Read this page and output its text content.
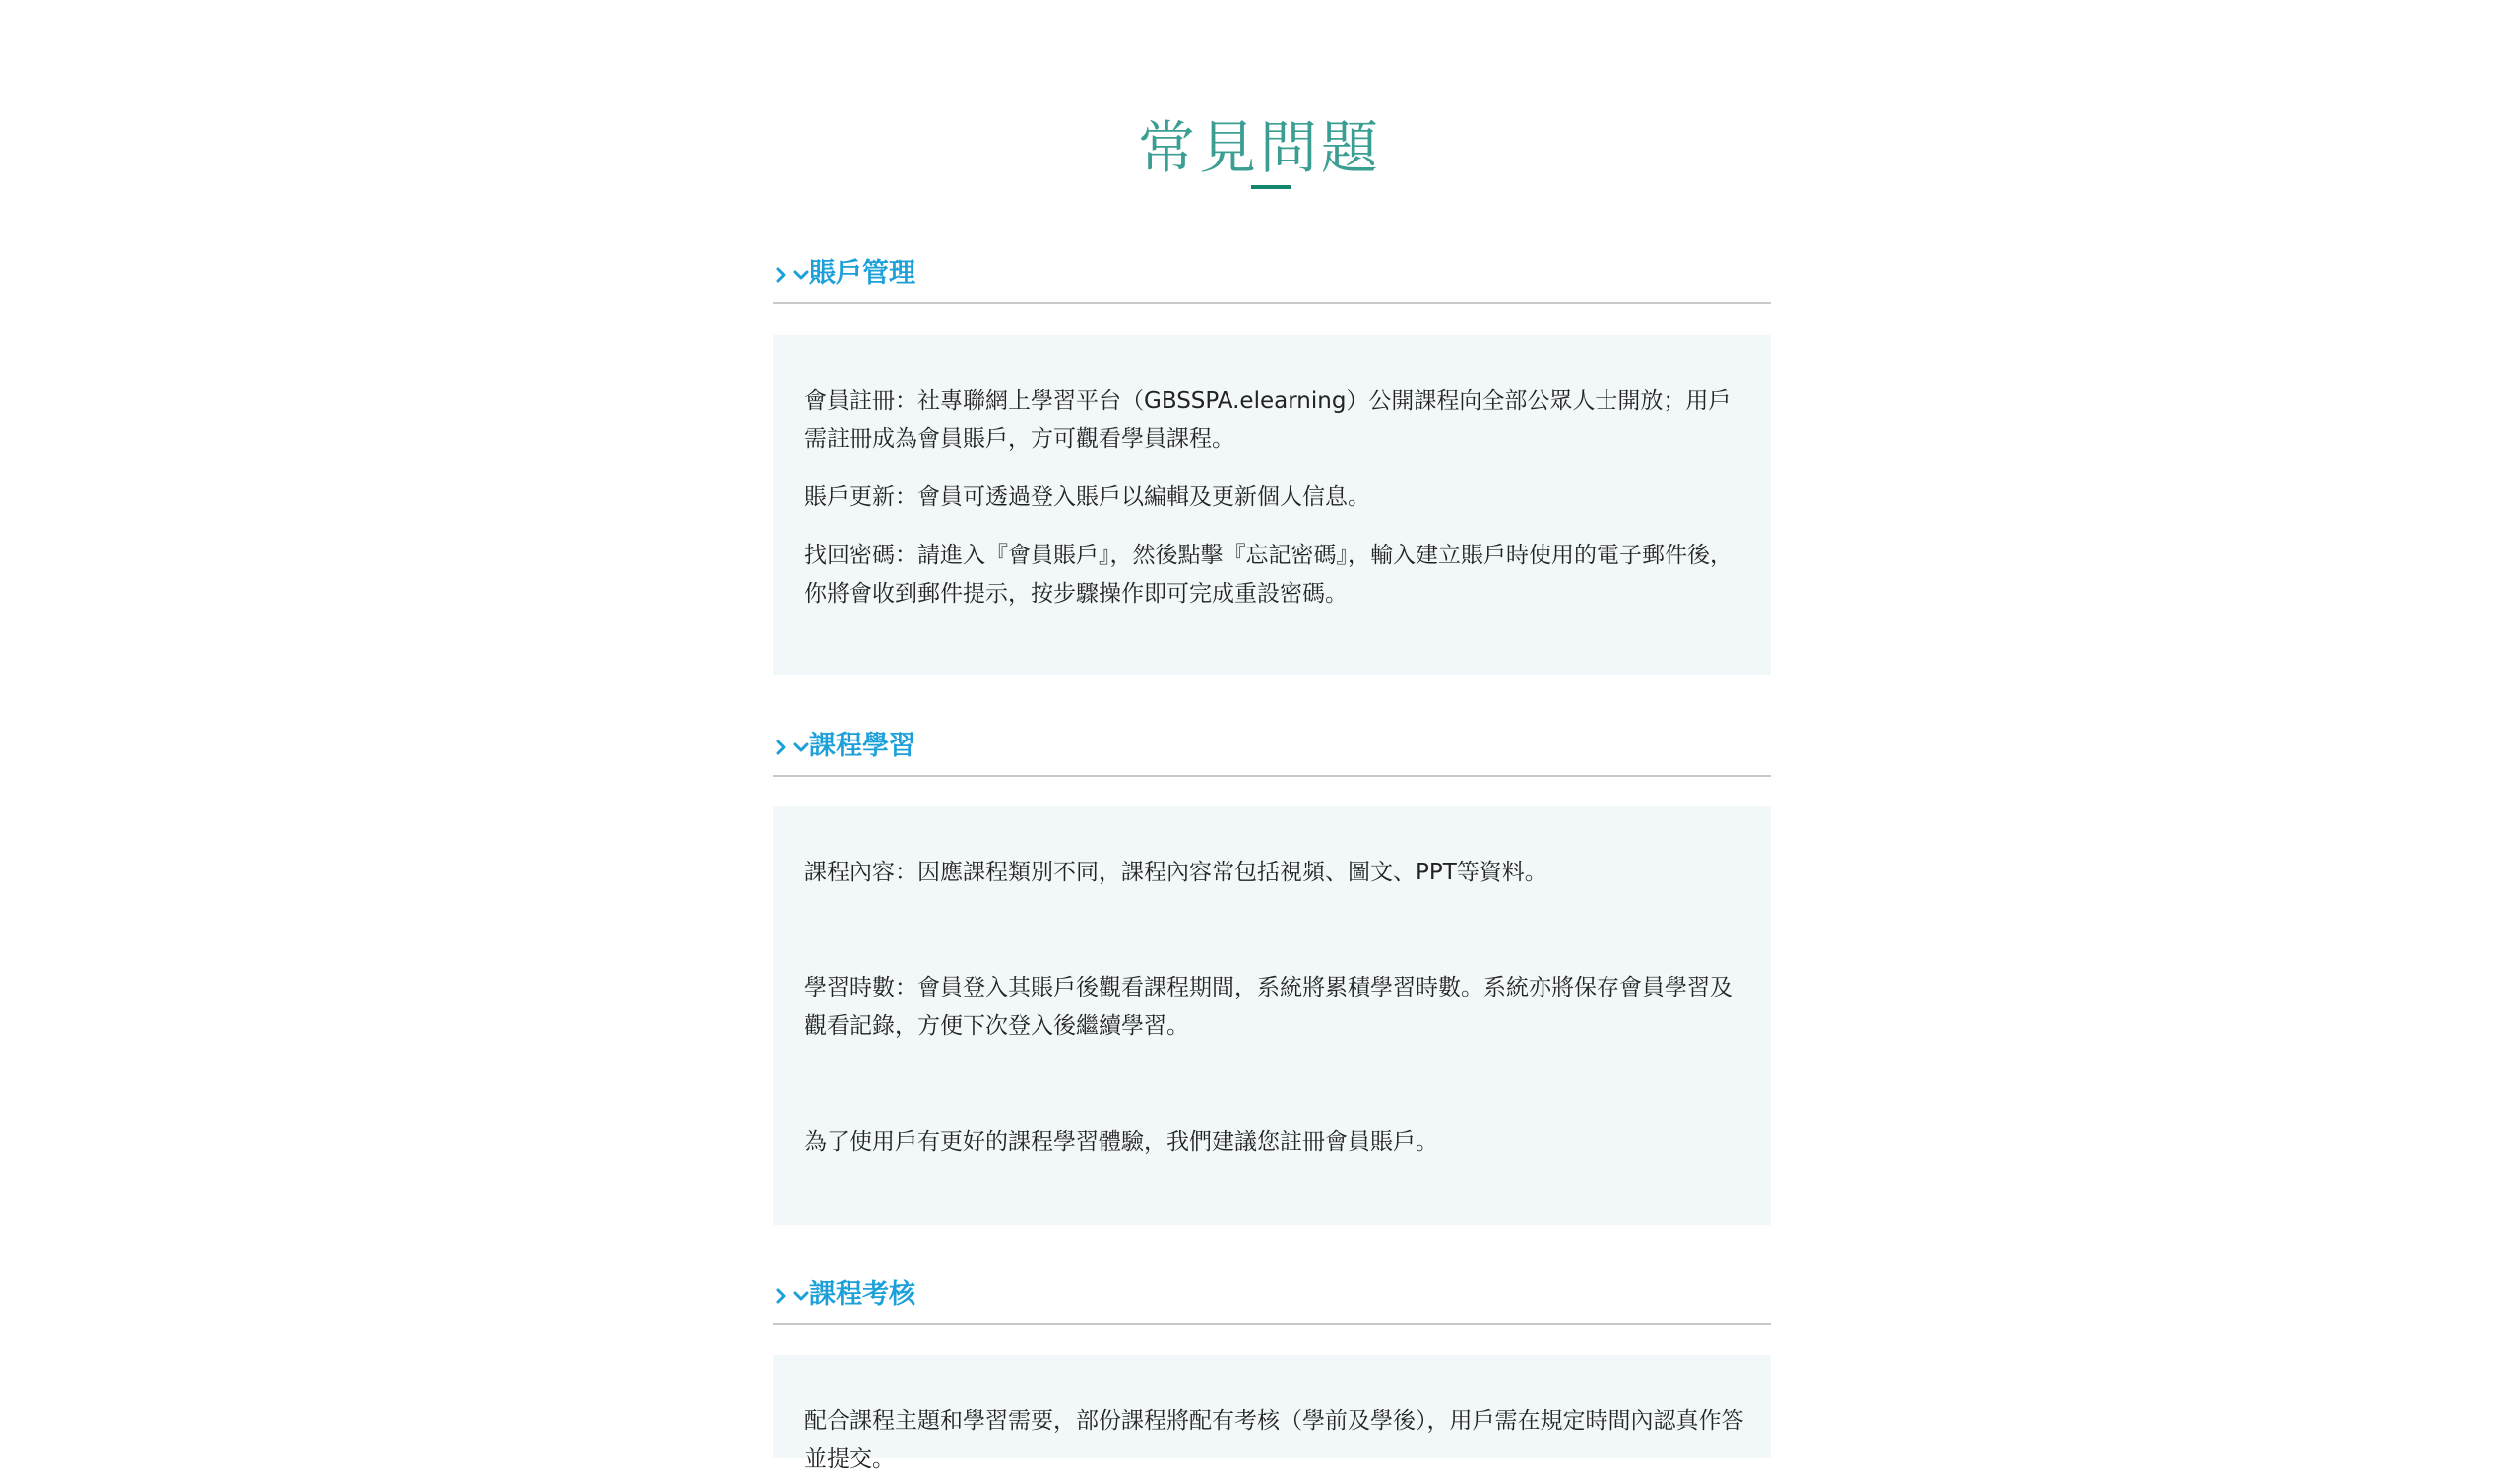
常見問題
賬戶管理

會員註冊：社專聯網上學習平台（GBSSPA.elearning）公開課程向全部公眾人士開放；用戶需註冊成為會員賬戶，方可觀看學員課程。

賬戶更新：會員可透過登入賬戶以編輯及更新個人信息。

找回密碼：請進入『會員賬戶』，然後點擊『忘記密碼』，輸入建立賬戶時使用的電子郵件後，你將會收到郵件提示，按步驟操作即可完成重設密碼。

課程學習

課程內容：因應課程類別不同，課程內容常包括視頻、圖文、PPT等資料。

學習時數：會員登入其賬戶後觀看課程期間，系統將累積學習時數。系統亦將保存會員學習及觀看記錄，方便下次登入後繼續學習。

為了使用戶有更好的課程學習體驗，我們建議您註冊會員賬戶。

課程考核

配合課程主題和學習需要，部份課程將配有考核（學前及學後），用戶需在規定時間內認真作答並提交。
